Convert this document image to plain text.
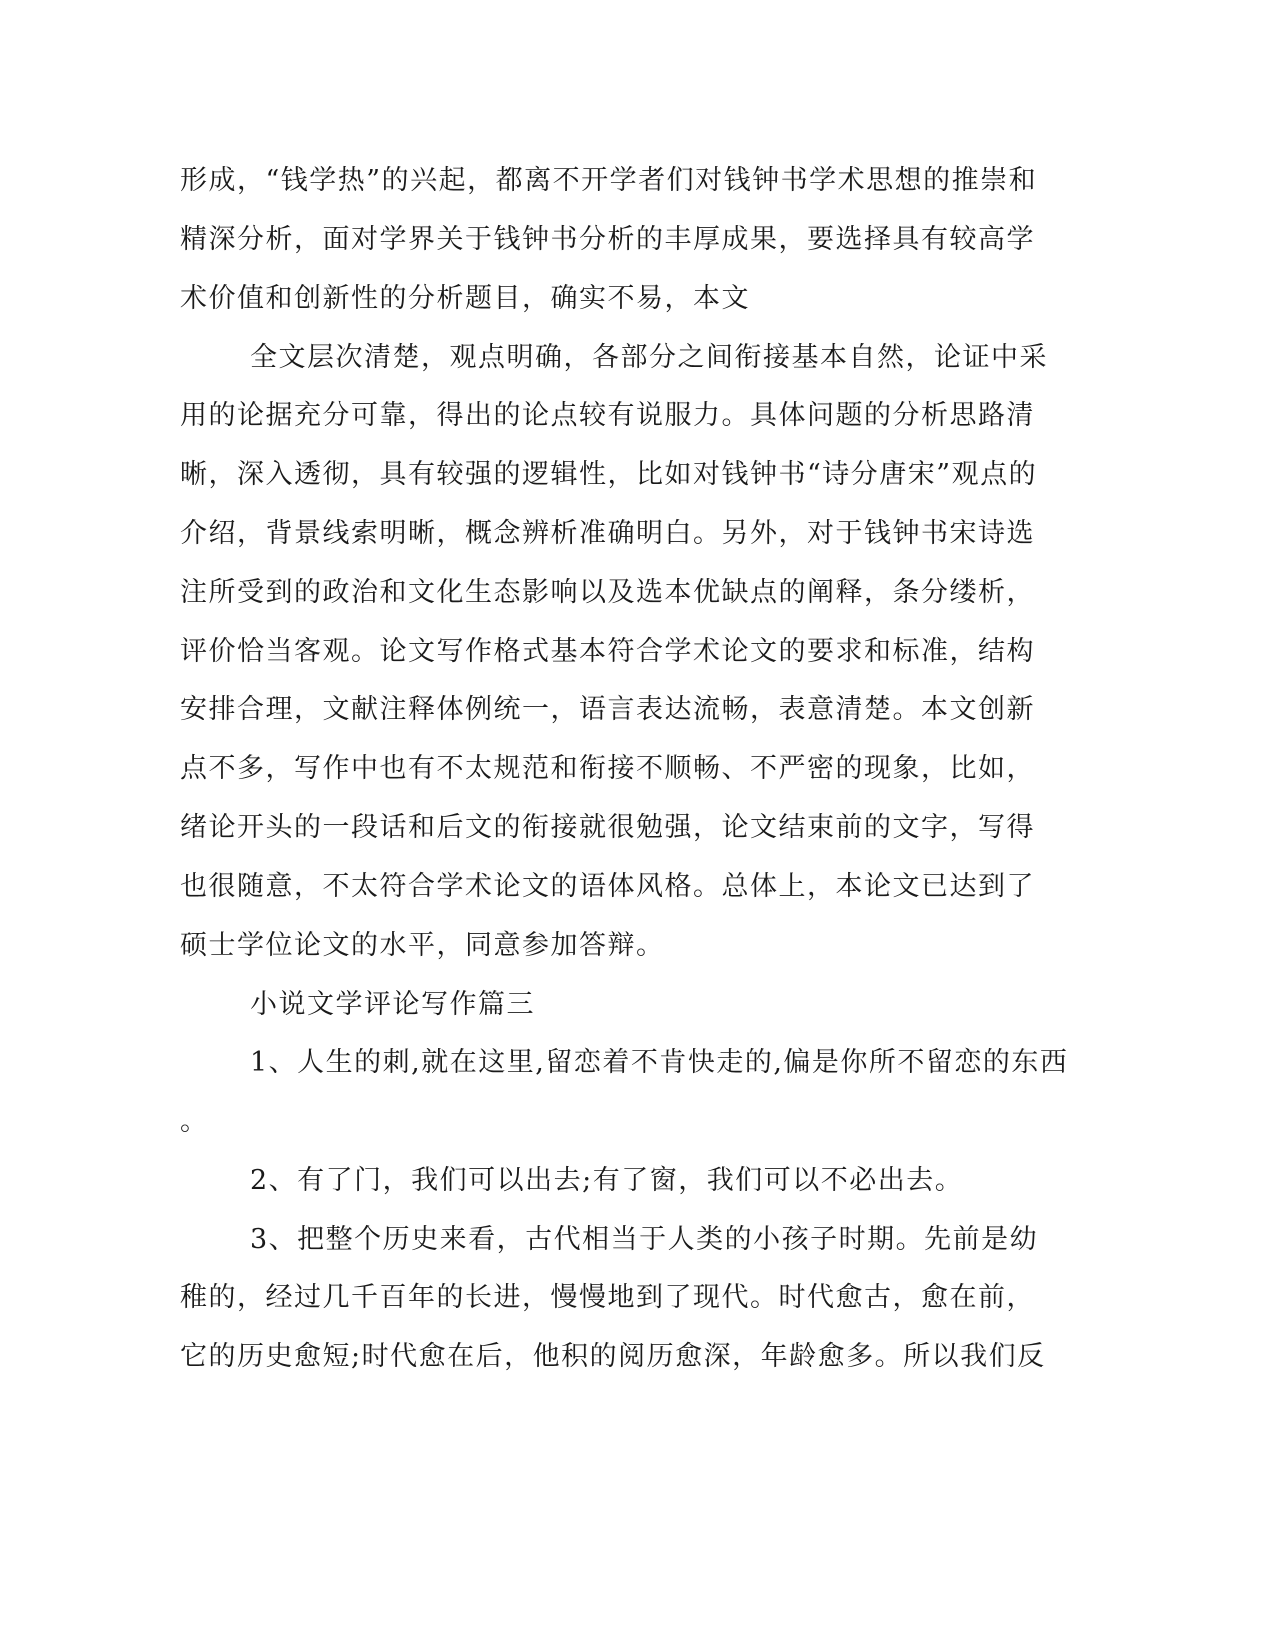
形成，“钱学热”的兴起，都离不开学者们对钱钟书学术思想的推崇和

精深分析，面对学界关于钱钟书分析的丰厚成果，要选择具有较高学

术价值和创新性的分析题目，确实不易，本文

全文层次清楚，观点明确，各部分之间衔接基本自然，论证中采

用的论据充分可靠，得出的论点较有说服力。具体问题的分析思路清

晰，深入透彻，具有较强的逻辑性，比如对钱钟书“诗分唐宋”观点的

介绍，背景线索明晰，概念辨析准确明白。另外，对于钱钟书宋诗选

注所受到的政治和文化生态影响以及选本优缺点的阐释，条分缕析，

评价恰当客观。论文写作格式基本符合学术论文的要求和标准，结构

安排合理，文献注释体例统一，语言表达流畅，表意清楚。本文创新

点不多，写作中也有不太规范和衔接不顺畅、不严密的现象，比如，

绪论开头的一段话和后文的衔接就很勉强，论文结束前的文字，写得

也很随意，不太符合学术论文的语体风格。总体上，本论文已达到了

硕士学位论文的水平，同意参加答辩。

小说文学评论写作篇三

1、人生的刺,就在这里,留恋着不肯快走的,偏是你所不留恋的东西

。

2、有了门，我们可以出去;有了窗，我们可以不必出去。

3、把整个历史来看，古代相当于人类的小孩子时期。先前是幼

稚的，经过几千百年的长进，慢慢地到了现代。时代愈古，愈在前，

它的历史愈短;时代愈在后，他积的阅历愈深，年龄愈多。所以我们反
